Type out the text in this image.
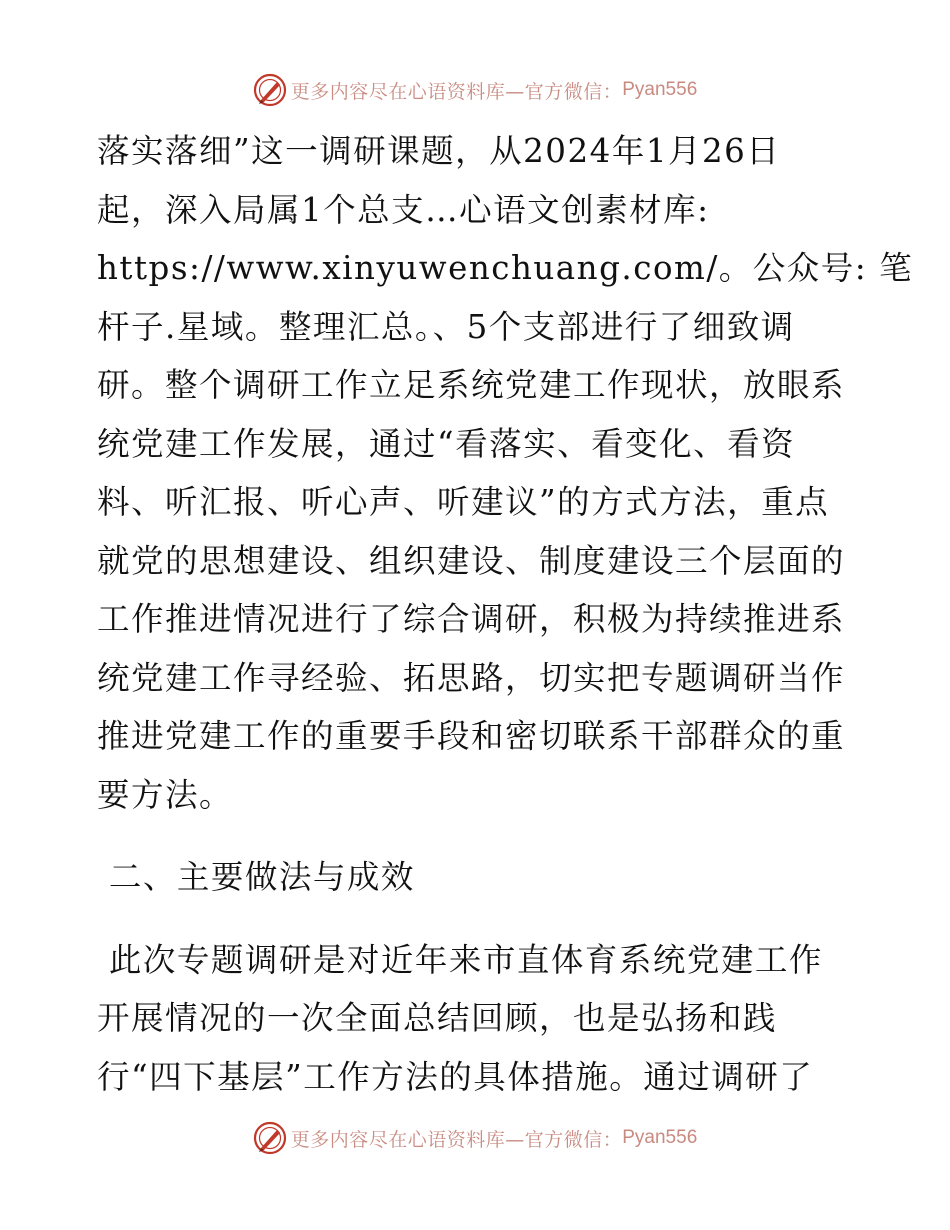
更多内容尽在心语资料库—官方微信： Pyan556
落实落细”这一调研课题，从2024年1月26日
起，深入局属1个总支…心语文创素材库:
https://www.xinyuwenchuang.com/。公众号: 笔
杆子.星域。整理汇总。、5个支部进行了细致调
研。整个调研工作立足系统党建工作现状，放眼系
统党建工作发展，通过“看落实、看变化、看资
料、听汇报、听心声、听建议”的方式方法，重点
就党的思想建设、组织建设、制度建设三个层面的
工作推进情况进行了综合调研，积极为持续推进系
统党建工作寻经验、拓思路，切实把专题调研当作
推进党建工作的重要手段和密切联系干部群众的重
要方法。
二、主要做法与成效
此次专题调研是对近年来市直体育系统党建工作
开展情况的一次全面总结回顾，也是弘扬和践
行“四下基层”工作方法的具体措施。通过调研了
更多内容尽在心语资料库—官方微信： Pyan556
